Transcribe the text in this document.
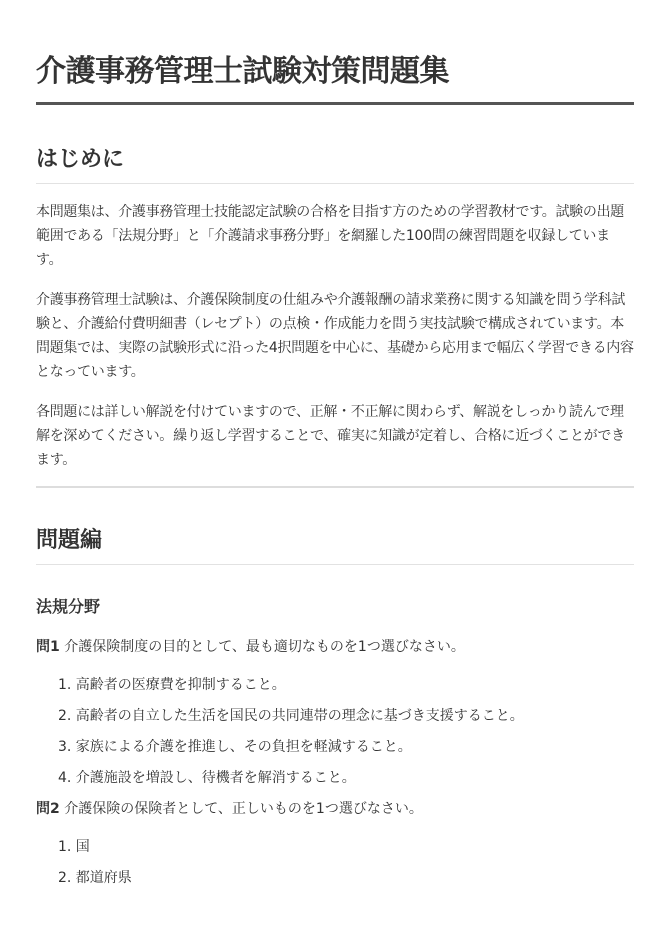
介護事務管理士試験対策問題集
はじめに

本問題集は、介護事務管理士技能認定試験の合格を目指す方のための学習教材です。試験の出題範囲である「法規分野」と「介護請求事務分野」を網羅した100問の練習問題を収録しています。

介護事務管理士試験は、介護保険制度の仕組みや介護報酬の請求業務に関する知識を問う学科試験と、介護給付費明細書（レセプト）の点検・作成能力を問う実技試験で構成されています。本問題集では、実際の試験形式に沿った4択問題を中心に、基礎から応用まで幅広く学習できる内容となっています。

各問題には詳しい解説を付けていますので、正解・不正解に関わらず、解説をしっかり読んで理解を深めてください。繰り返し学習することで、確実に知識が定着し、合格に近づくことができます。

問題編
法規分野

問1 介護保険制度の目的として、最も適切なものを1つ選びなさい。

1. 高齢者の医療費を抑制すること。
2. 高齢者の自立した生活を国民の共同連帯の理念に基づき支援すること。
3. 家族による介護を推進し、その負担を軽減すること。
4. 介護施設を増設し、待機者を解消すること。

問2 介護保険の保険者として、正しいものを1つ選びなさい。

1. 国
2. 都道府県
